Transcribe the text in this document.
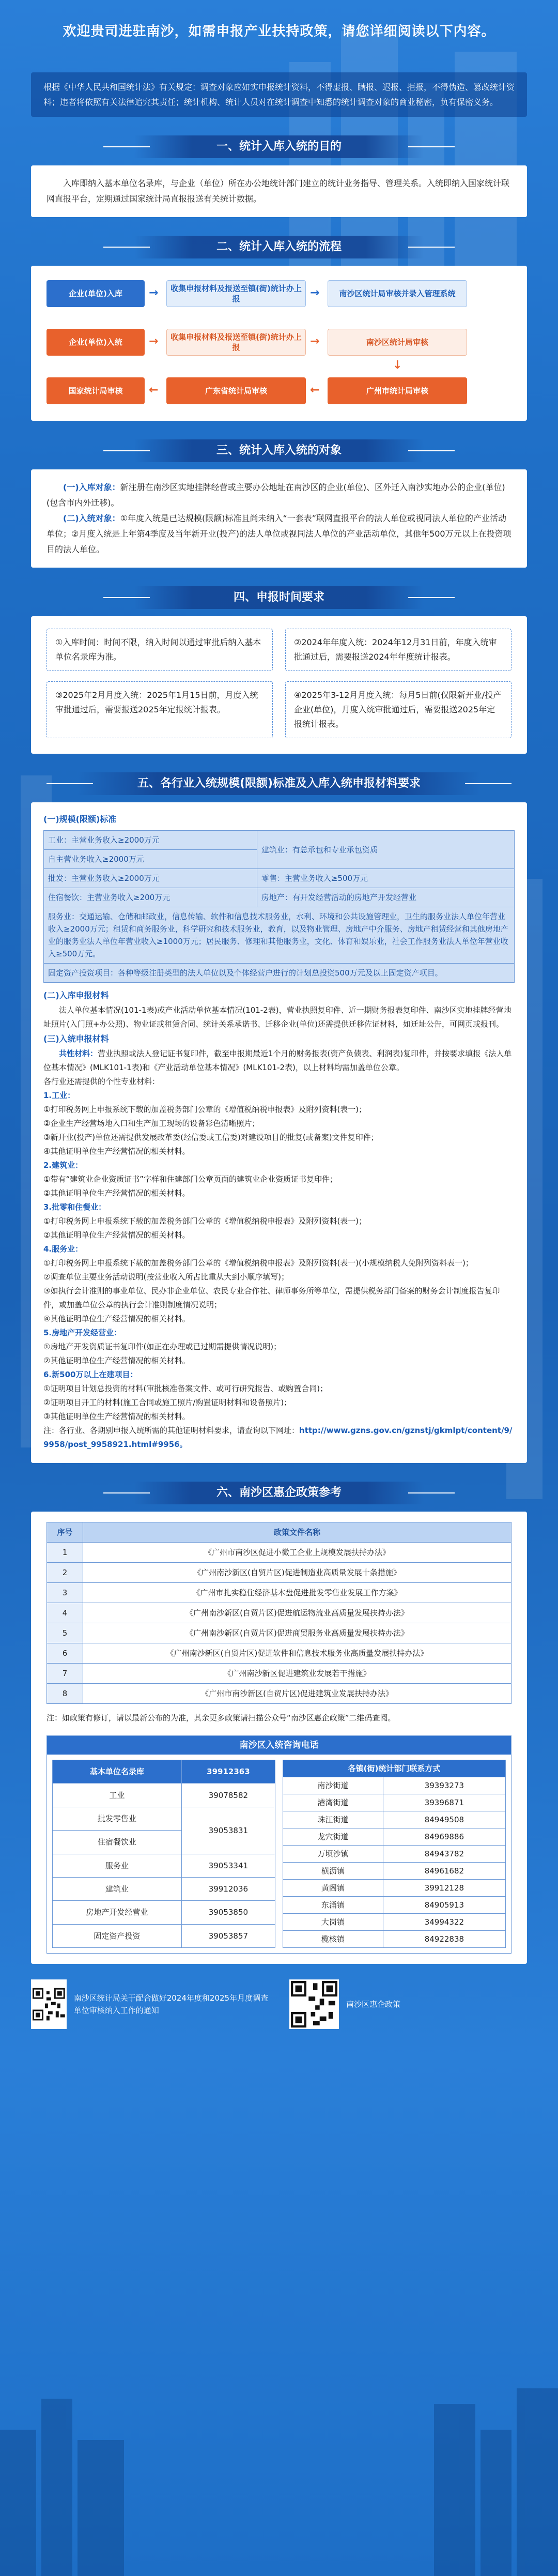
欢迎贵司进驻南沙，如需申报产业扶持政策，请您详细阅读以下内容。
根据《中华人民共和国统计法》有关规定：调查对象应如实申报统计资料，不得虚报、瞒报、迟报、拒报，不得伪造、篡改统计资料；违者将依照有关法律追究其责任；统计机构、统计人员对在统计调查中知悉的统计调查对象的商业秘密，负有保密义务。
一、统计入库入统的目的
入库即纳入基本单位名录库，与企业（单位）所在办公地统计部门建立的统计业务指导、管理关系。入统即纳入国家统计联网直报平台，定期通过国家统计局直报报送有关统计数据。
二、统计入库入统的流程
企业(单位)入库	→	收集申报材料及报送至镇(街)统计办上报	→	南沙区统计局审核并录入管理系统
企业(单位)入统	→	收集申报材料及报送至镇(街)统计办上报	→	南沙区统计局审核
↓
国家统计局审核	←	广东省统计局审核	←	广州市统计局审核
三、统计入库入统的对象
(一)入库对象：新注册在南沙区实地挂牌经营或主要办公地址在南沙区的企业(单位)、区外迁入南沙实地办公的企业(单位)(包含市内外迁移)。
(二)入统对象：①年度入统是已达规模(限额)标准且尚未纳入“一套表”联网直报平台的法人单位或视同法人单位的产业活动单位；②月度入统是上年第4季度及当年新开业(投产)的法人单位或视同法人单位的产业活动单位，其他年500万元以上在投资项目的法人单位。
四、申报时间要求
①入库时间：时间不限，纳入时间以通过审批后纳入基本单位名录库为准。
②2024年年度入统：2024年12月31日前，年度入统审批通过后，需要报送2024年年度统计报表。
③2025年2月月度入统：2025年1月15日前，月度入统审批通过后，需要报送2025年定报统计报表。
④2025年3-12月月度入统：每月5日前(仅限新开业/投产企业(单位)，月度入统审批通过后，需要报送2025年定报统计报表。
五、各行业入统规模(限额)标准及入库入统申报材料要求
(一)规模(限额)标准
工业：主营业务收入≥2000万元	建筑业：有总承包和专业承包资质
自主营业务收入≥2000万元	
批发：主营业务收入≥2000万元	零售：主营业务收入≥500万元
住宿餐饮：主营业务收入≥200万元	房地产：有开发经营活动的房地产开发经营业
服务业：交通运输、仓储和邮政业，信息传输、软件和信息技术服务业，水利、环境和公共设施管理业，卫生的服务业法人单位年营业收入≥2000万元；租赁和商务服务业，科学研究和技术服务业，教育，以及物业管理、房地产中介服务、房地产租赁经营和其他房地产业的服务业法人单位年营业收入≥1000万元；居民服务、修理和其他服务业，文化、体育和娱乐业，社会工作服务业法人单位年营业收入≥500万元。	
固定资产投资项目：各种等级注册类型的法人单位以及个体经营户进行的计划总投资500万元及以上固定资产项目。	
(二)入库申报材料
法人单位基本情况(101-1表)或产业活动单位基本情况(101-2表)，营业执照复印件、近一期财务报表复印件、南沙区实地挂牌经营地址照片(入门照+办公照)、物业证或租赁合同、统计关系承诺书、迁移企业(单位)还需提供迁移佐证材料，如迁址公告，可网页或报刊。
(三)入统申报材料
共性材料：营业执照或法人登记证书复印件，截至申报期最近1个月的财务报表(资产负债表、利润表)复印件，并按要求填报《法人单位基本情况》(MLK101-1表)和《产业活动单位基本情况》(MLK101-2表)，以上材料均需加盖单位公章。
各行业还需提供的个性专业材料：
1.工业：
①打印税务网上申报系统下载的加盖税务部门公章的《增值税纳税申报表》及附列资料(表一)；
②企业生产经营场地入口和生产加工现场的设备彩色清晰照片；
③新开业(投产)单位还需提供发展改革委(经信委或工信委)对建设项目的批复(或备案)文件复印件；
④其他证明单位生产经营情况的相关材料。
2.建筑业：
①带有“建筑业企业资质证书”字样和住建部门公章页面的建筑业企业资质证书复印件；
②其他证明单位生产经营情况的相关材料。
3.批零和住餐业：
①打印税务网上申报系统下载的加盖税务部门公章的《增值税纳税申报表》及附列资料(表一)；
②其他证明单位生产经营情况的相关材料。
4.服务业：
①打印税务网上申报系统下载的加盖税务部门公章的《增值税纳税申报表》及附列资料(表一)(小规模纳税人免附列资料表一)；
②调查单位主要业务活动说明(按营业收入所占比重从大到小顺序填写)；
③如执行会计准则的事业单位、民办非企业单位、农民专业合作社、律师事务所等单位，需提供税务部门备案的财务会计制度报告复印件，或加盖单位公章的执行会计准则制度情况说明；
④其他证明单位生产经营情况的相关材料。
5.房地产开发经营业：
①房地产开发资质证书复印件(如正在办理或已过期需提供情况说明)；
②其他证明单位生产经营情况的相关材料。
6.新500万以上在建项目：
①证明项目计划总投资的材料(审批核准备案文件、或可行研究报告、或购置合同)；
②证明项目开工的材料(施工合同或施工照片/购置证明材料和设备照片)；
③其他证明单位生产经营情况的相关材料。
注：各行业、各期别申报入统所需的其他证明材料要求，请查询以下网址：http://www.gzns.gov.cn/gznstj/gkmlpt/content/9/9958/post_9958921.html#9956。
六、南沙区惠企政策参考
序号	政策文件名称
1	《广州市南沙区促进小微工企业上规模发展扶持办法》
2	《广州南沙新区(自贸片区)促进制造业高质量发展十条措施》
3	《广州市扎实稳住经济基本盘促进批发零售业发展工作方案》
4	《广州南沙新区(自贸片区)促进航运物流业高质量发展扶持办法》
5	《广州南沙新区(自贸片区)促进商贸服务业高质量发展扶持办法》
6	《广州南沙新区(自贸片区)促进软件和信息技术服务业高质量发展扶持办法》
7	《广州南沙新区促进建筑业发展若干措施》
8	《广州市南沙新区(自贸片区)促进建筑业发展扶持办法》
注：如政策有修订，请以最新公布的为准，其余更多政策请扫描公众号“南沙区惠企政策”二维码查阅。
南沙区入统咨询电话
基本单位名录库	39912363
工业	39078582
批发零售业	39053831
住宿餐饮业	
服务业	39053341
建筑业	39912036
房地产开发经营业	39053850
固定资产投资	39053857
各镇(街)统计部门联系方式	
南沙街道	39393273
港湾街道	39396871
珠江街道	84949508
龙穴街道	84969886
万顷沙镇	84943782
横沥镇	84961682
黄阁镇	39912128
东涌镇	84905913
大岗镇	34994322
榄核镇	84922838
南沙区统计局关于配合做好2024年度和2025年月度调查单位审核纳入工作的通知
南沙区惠企政策
